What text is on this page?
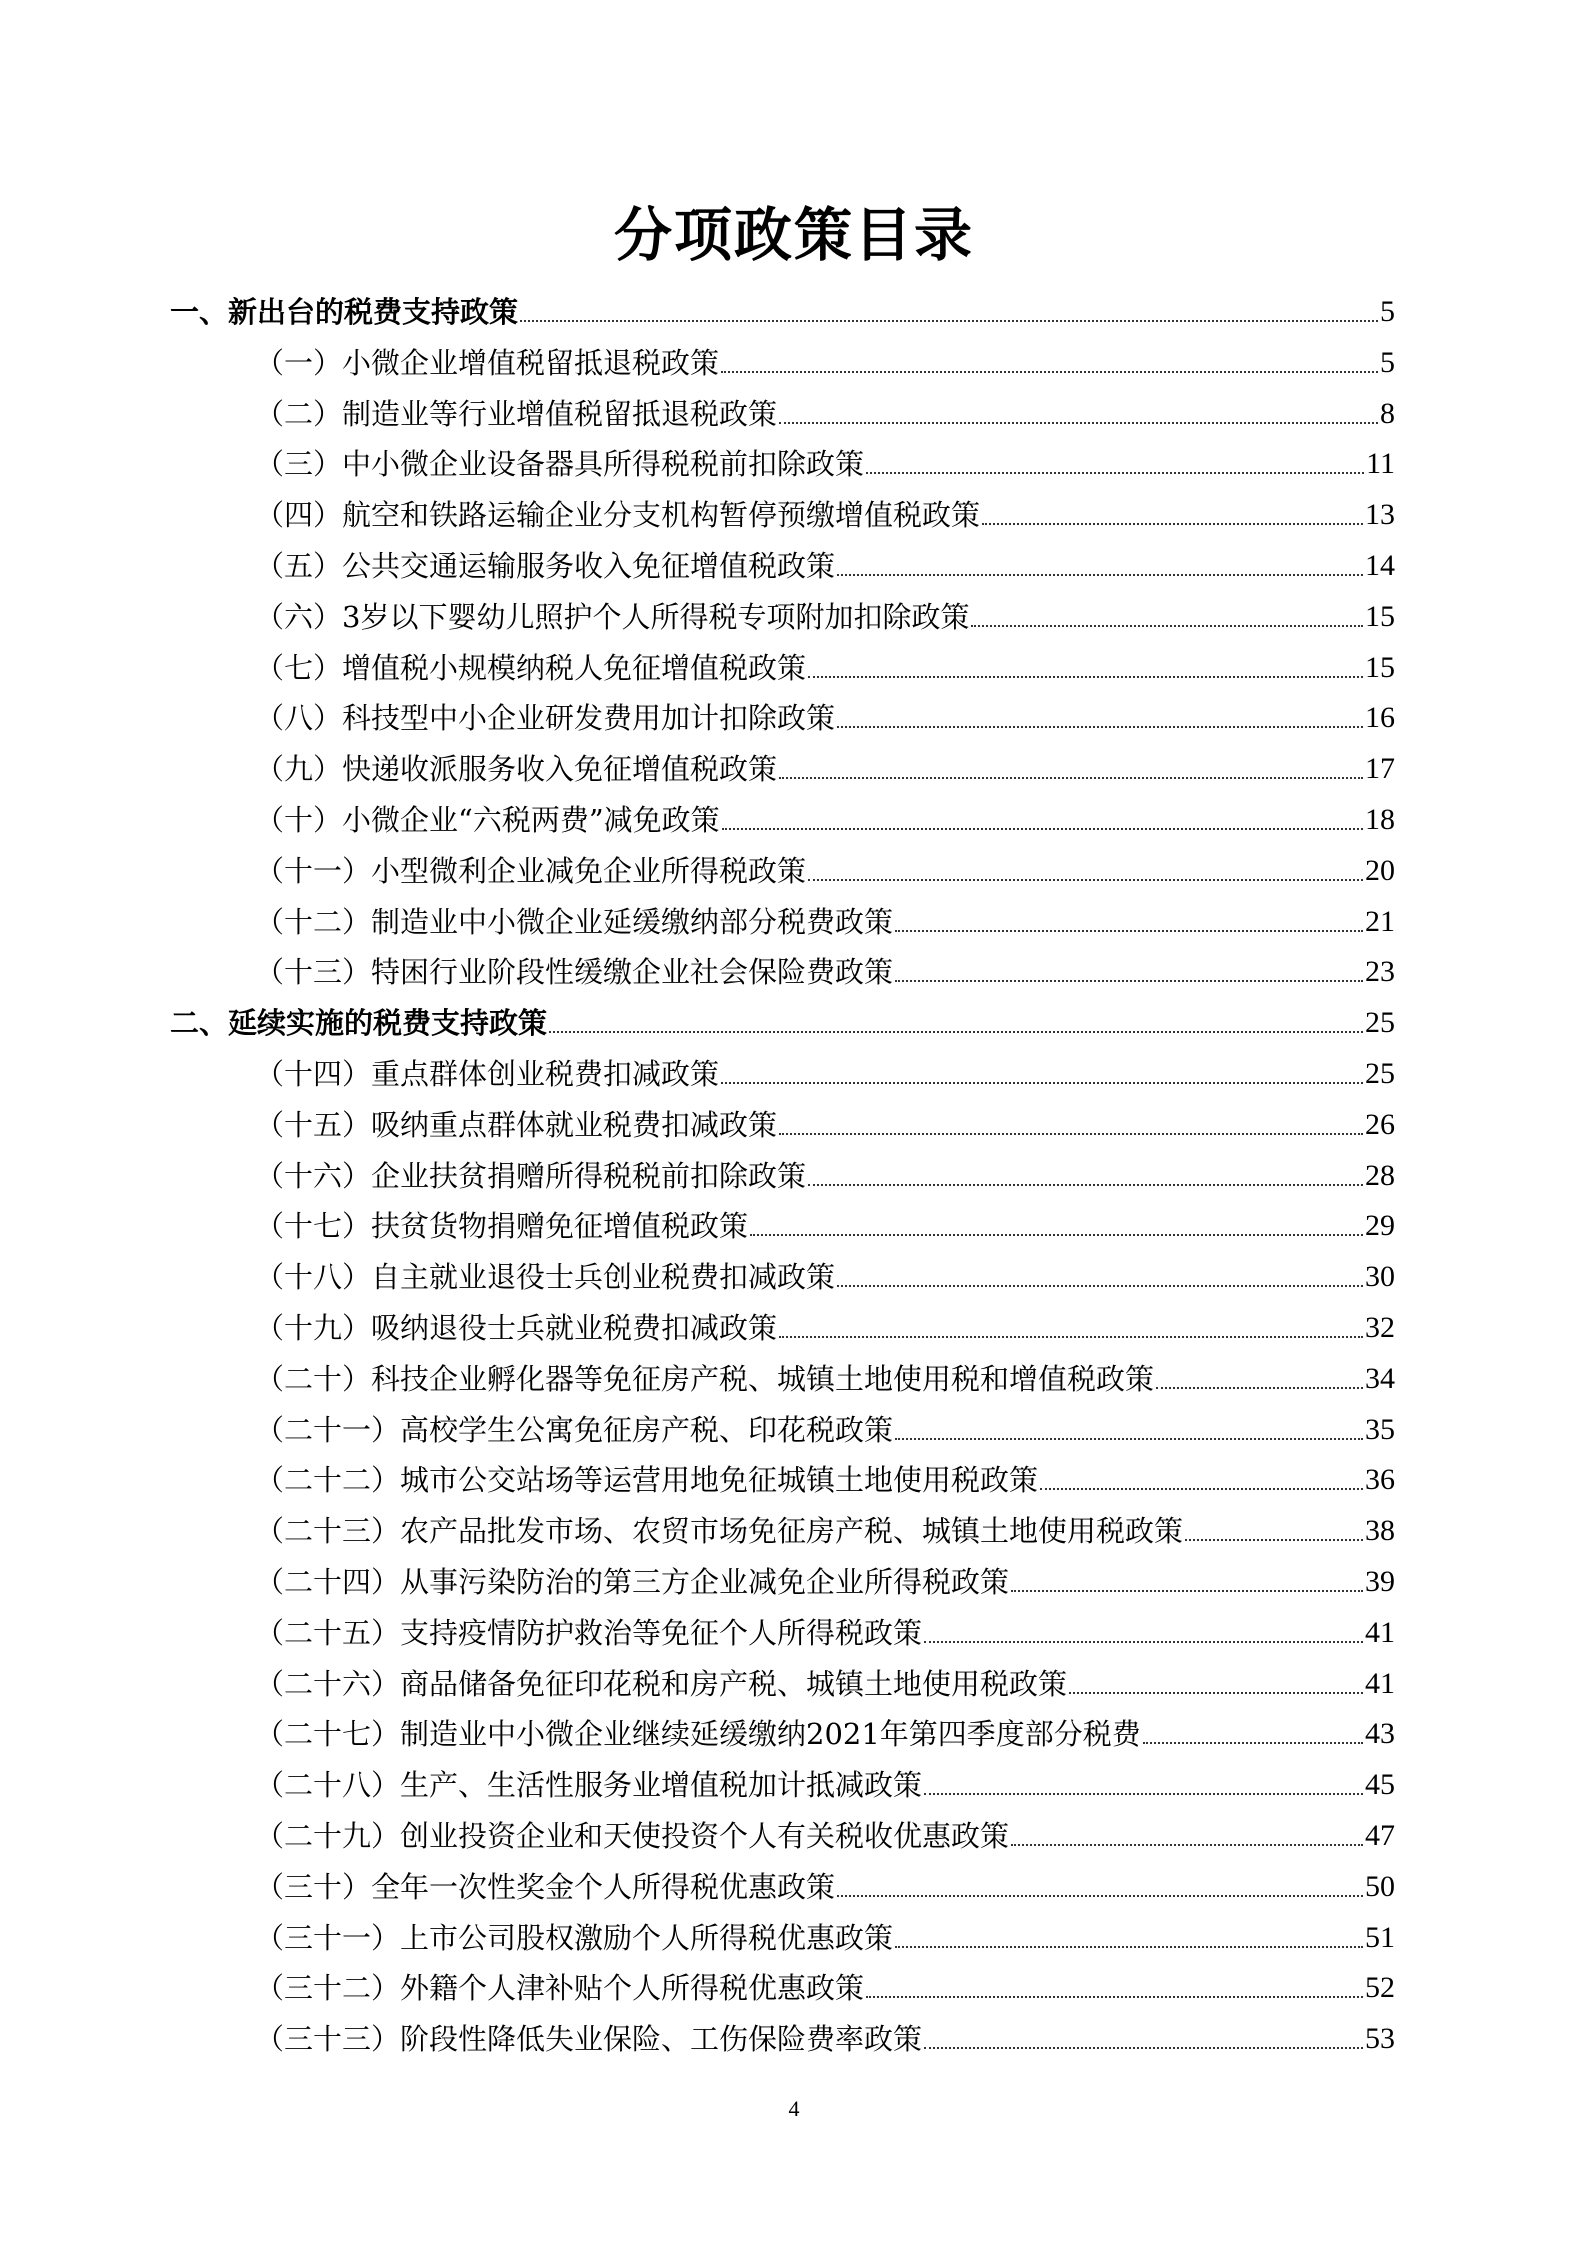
分项政策目录
一、新出台的税费支持政策	5
（一）小微企业增值税留抵退税政策	5
（二）制造业等行业增值税留抵退税政策	8
（三）中小微企业设备器具所得税税前扣除政策	11
（四）航空和铁路运输企业分支机构暂停预缴增值税政策	13
（五）公共交通运输服务收入免征增值税政策	14
（六）3岁以下婴幼儿照护个人所得税专项附加扣除政策	15
（七）增值税小规模纳税人免征增值税政策	15
（八）科技型中小企业研发费用加计扣除政策	16
（九）快递收派服务收入免征增值税政策	17
（十）小微企业“六税两费”减免政策	18
（十一）小型微利企业减免企业所得税政策	20
（十二）制造业中小微企业延缓缴纳部分税费政策	21
（十三）特困行业阶段性缓缴企业社会保险费政策	23
二、延续实施的税费支持政策	25
（十四）重点群体创业税费扣减政策	25
（十五）吸纳重点群体就业税费扣减政策	26
（十六）企业扶贫捐赠所得税税前扣除政策	28
（十七）扶贫货物捐赠免征增值税政策	29
（十八）自主就业退役士兵创业税费扣减政策	30
（十九）吸纳退役士兵就业税费扣减政策	32
（二十）科技企业孵化器等免征房产税、城镇土地使用税和增值税政策	34
（二十一）高校学生公寓免征房产税、印花税政策	35
（二十二）城市公交站场等运营用地免征城镇土地使用税政策	36
（二十三）农产品批发市场、农贸市场免征房产税、城镇土地使用税政策	38
（二十四）从事污染防治的第三方企业减免企业所得税政策	39
（二十五）支持疫情防护救治等免征个人所得税政策	41
（二十六）商品储备免征印花税和房产税、城镇土地使用税政策	41
（二十七）制造业中小微企业继续延缓缴纳2021年第四季度部分税费	43
（二十八）生产、生活性服务业增值税加计抵减政策	45
（二十九）创业投资企业和天使投资个人有关税收优惠政策	47
（三十）全年一次性奖金个人所得税优惠政策	50
（三十一）上市公司股权激励个人所得税优惠政策	51
（三十二）外籍个人津补贴个人所得税优惠政策	52
（三十三）阶段性降低失业保险、工伤保险费率政策	53
4
